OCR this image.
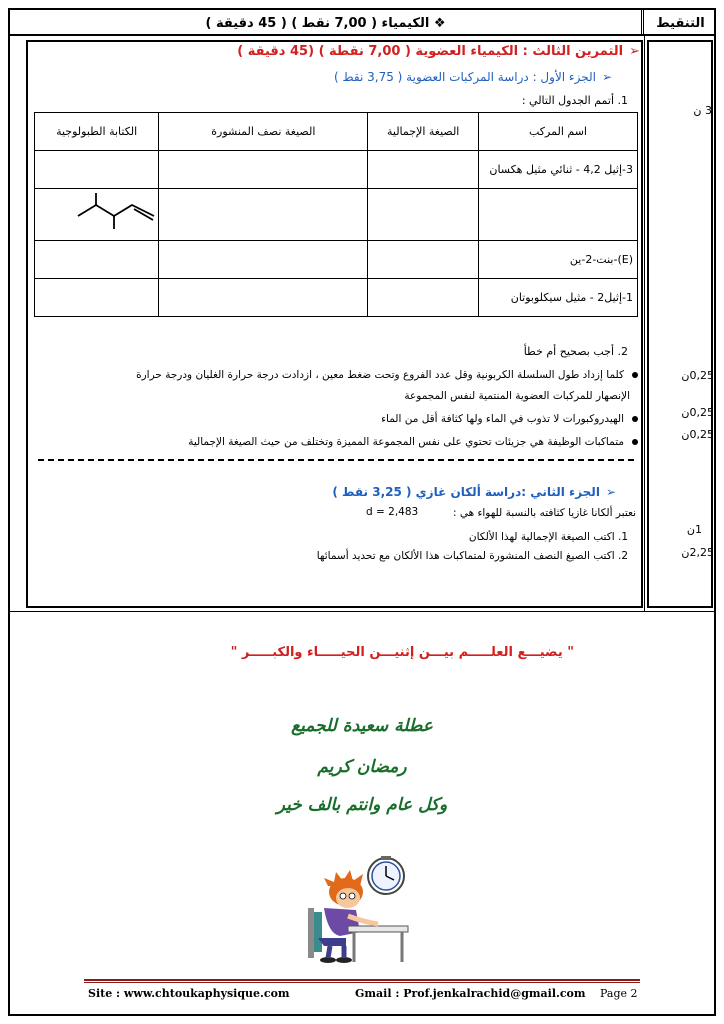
❖ الكيمياء ( 7,00 نقط ) ( 45 دقيقة )	التنقيط
➢التمرين الثالث : الكيمياء العضوية ( 7,00 نقطة ) (45 دقيقة )
➢الجزء الأول : دراسة المركبات العضوية ( 3,75 نقط )
1. أتمم الجدول التالي :
اسم المركب	الصيغة الإجمالية	الصيغة نصف المنشورة	الكتابة الطبولوجية
3-إثيل 4,2 - ثنائي مثيل هكسان			

(E)-بنت-2-ين			
1-إثيل2 - مثيل سيكلوبوتان			
2. أجب بصحيح أم خطأ
كلما إزداد طول السلسلة الكربونية وقل عدد الفروع وتحت ضغط معين ، ازدادت درجة حرارة الغليان ودرجة حرارة
الإنصهار للمركبات العضوية المنتمية لنفس المجموعة
الهيدروكبورات لا تذوب في الماء ولها كثافة أقل من الماء
متماكبات الوظيفة هي جزيئات تحتوي على نفس المجموعة المميزة وتختلف من حيث الصيغة الإجمالية
➢الجزء الثاني :دراسة ألكان غازي ( 3,25 نقط )
نعتبر ألكانا غازيا كثافته بالنسبة للهواء هي :
d = 2,483
1. اكتب الصيغة الإجمالية لهذا الألكان
2. اكتب الصيغ النصف المنشورة لمتماكبات هذا الألكان مع تحديد أسمائها
3 ن
0,25ن
0,25ن
0,25ن
1ن
2,25ن
" يضيـــع العلـــــم بيـــن إثنيـــن الحيـــــاء والكبـــــر "
عطلة سعيدة للجميع
رمضان كريم
وكل عام وانتم بالف خير
Site : www.chtoukaphysique.com	Gmail : Prof.jenkalrachid@gmail.com Page 2
